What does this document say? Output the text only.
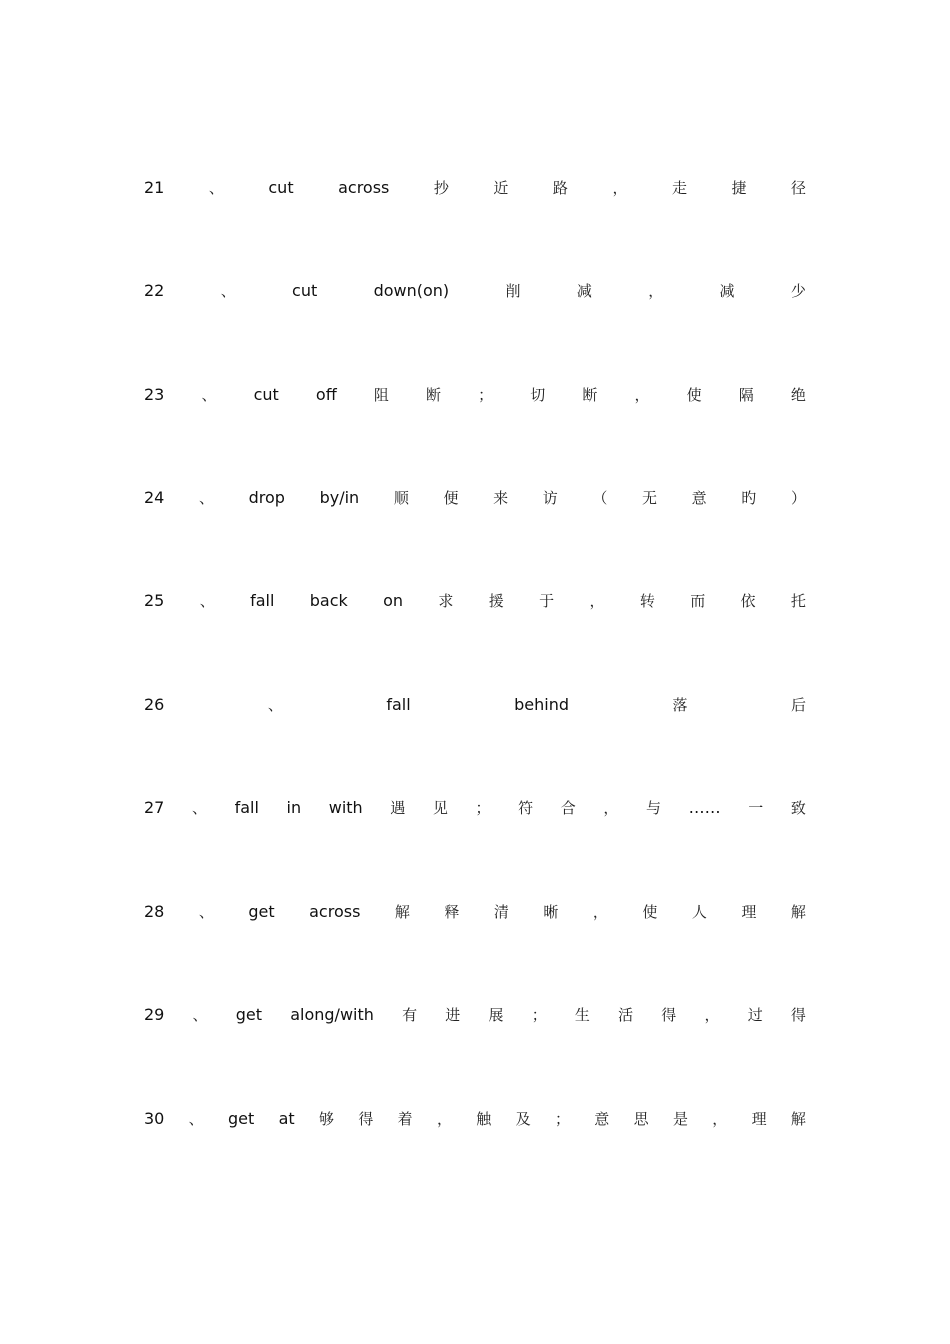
21	、	cut	across	抄	近	路	，	走	捷	径
22	、	cut	down(on)	削	减	，	减	少
23 、 cut off 阻 断 ； 切 断 ， 使 隔 绝
24 、 drop by/in 顺 便 来 访 （ 无 意 旳 ）
25 、 fall back on 求 援 于 ， 转 而 依 托
26	、	fall	behind	落	后
27 、 fall in with 遇 见 ； 符 合 ， 与 …… 一 致
28 、 get across 解 释 清 晰 ， 使 人 理 解
29 、 get along/with 有 进 展 ； 生 活 得 ， 过 得
30 、 get at 够 得 着 ， 触 及 ； 意 思 是 ， 理 解
